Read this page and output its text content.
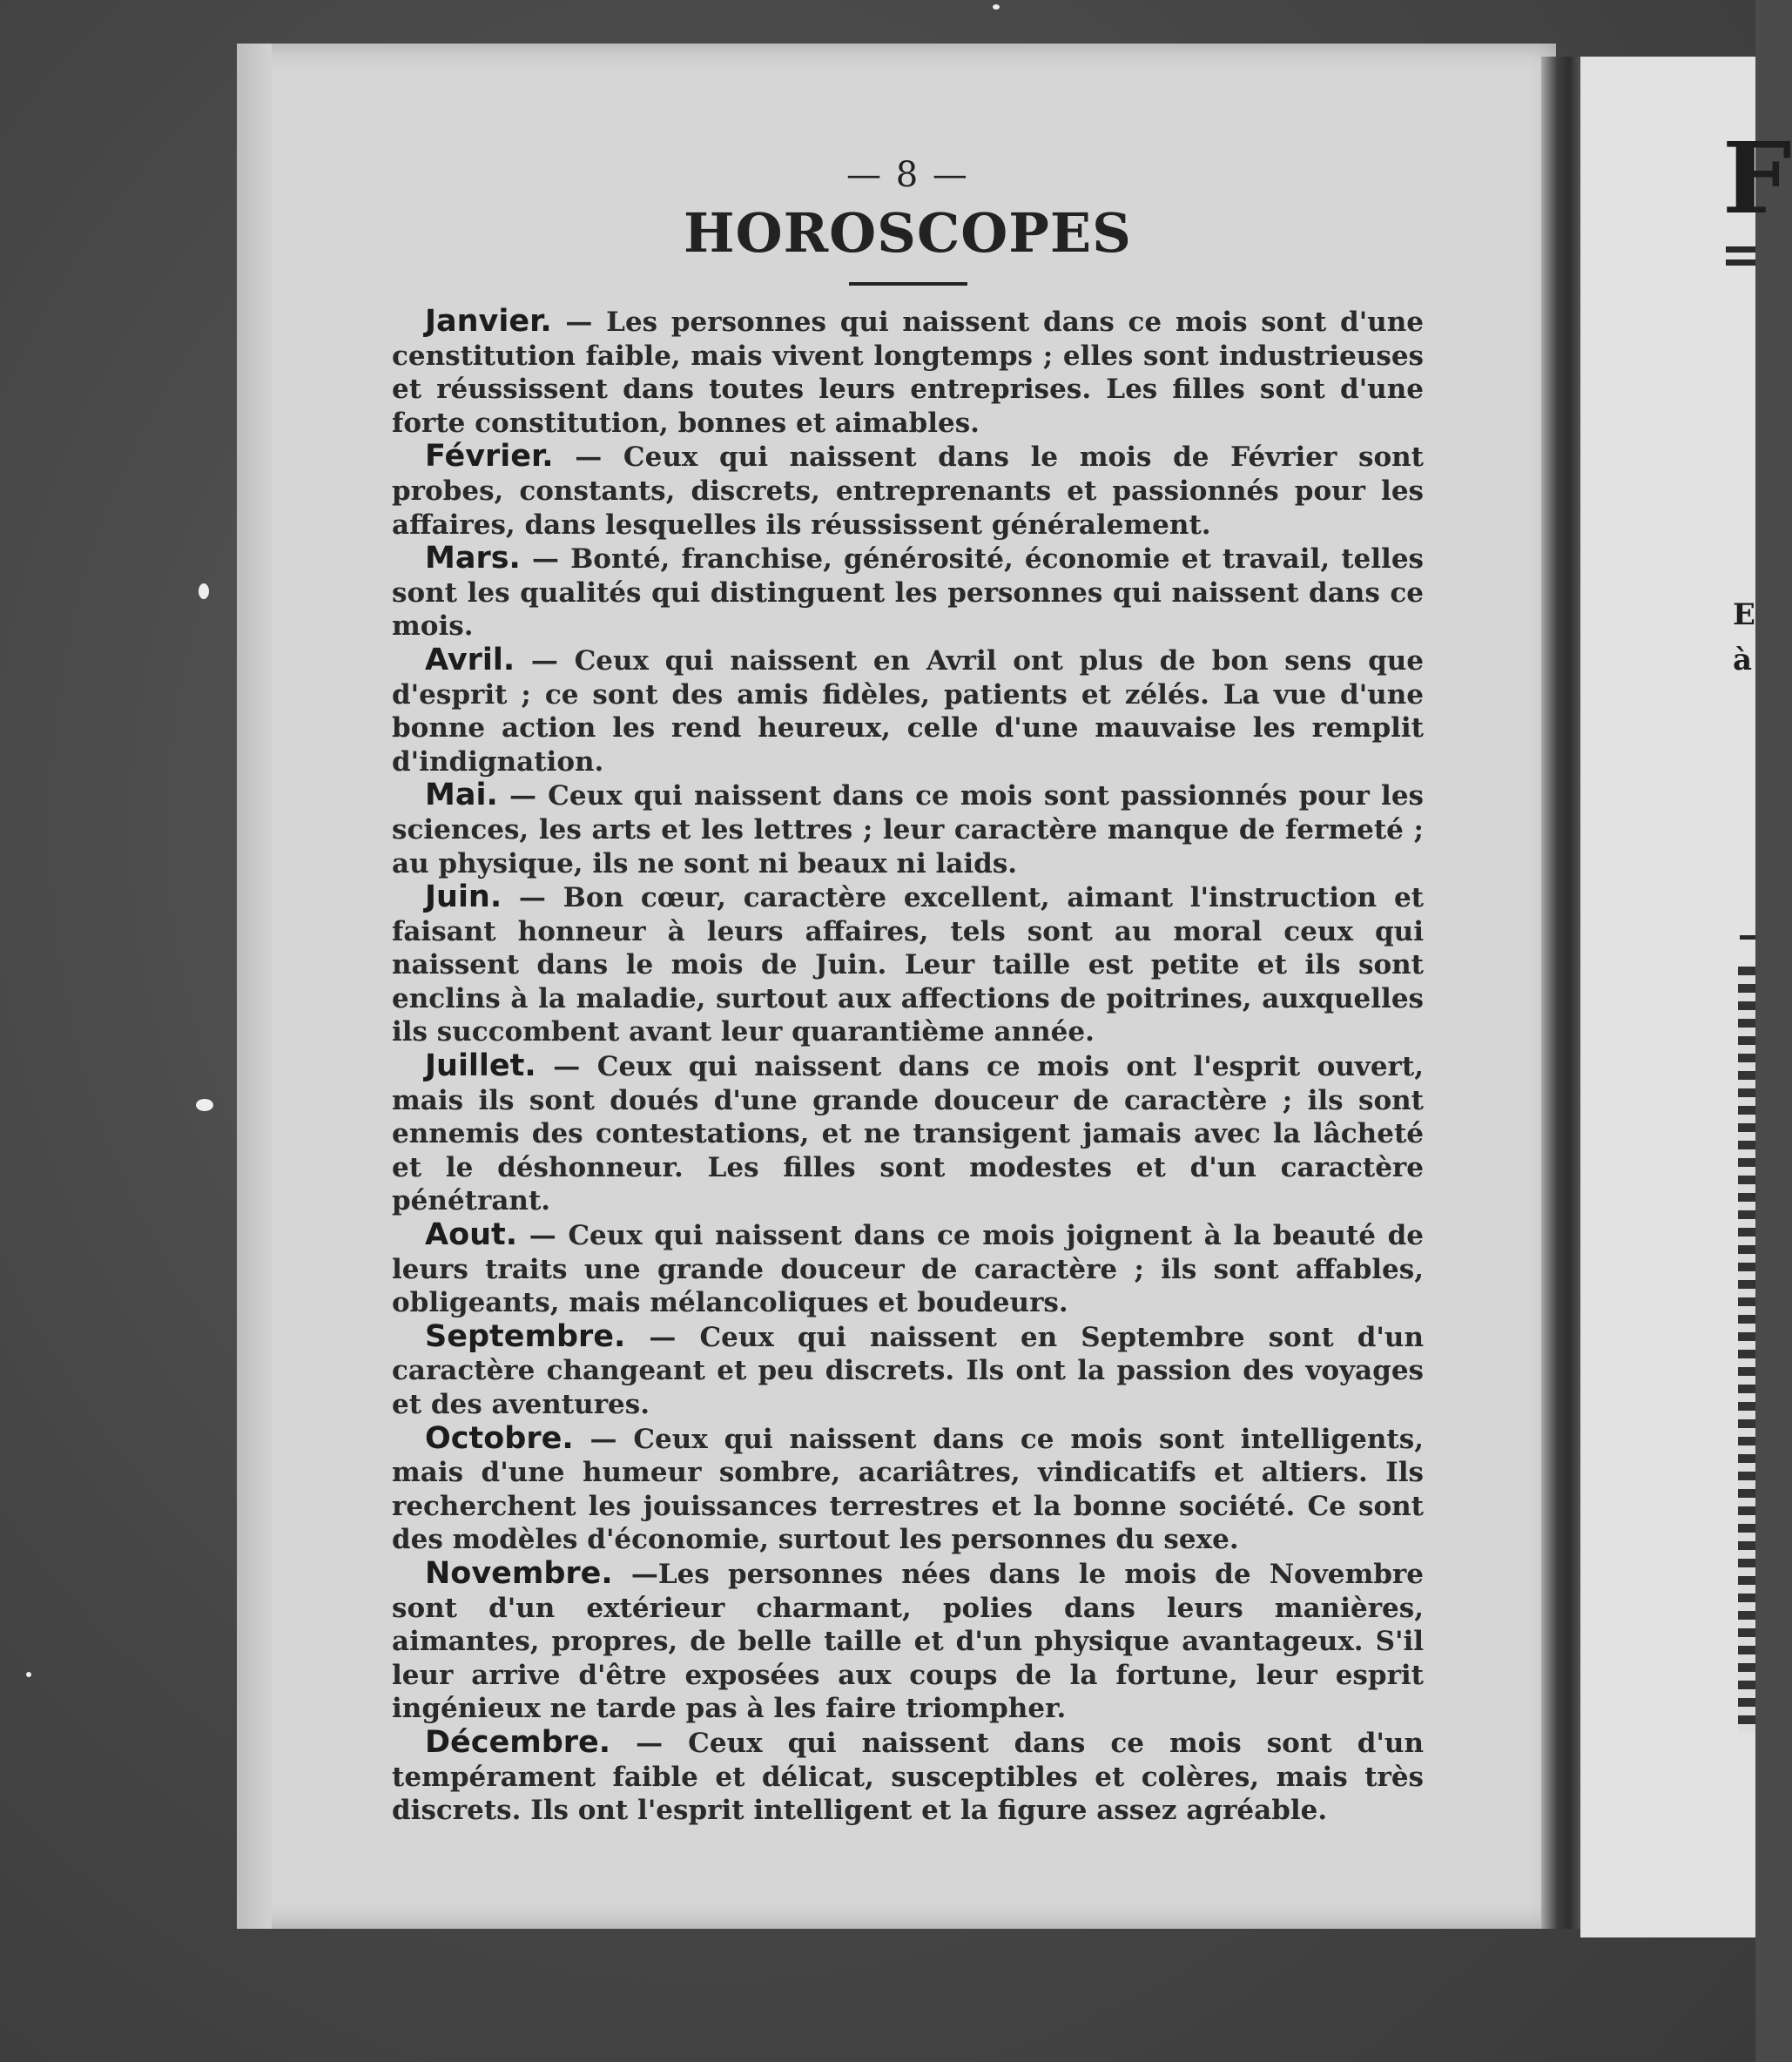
— 8 —
HOROSCOPES

Janvier. — Les personnes qui naissent dans ce mois sont d'une censtitution faible, mais vivent longtemps ; elles sont industrieuses et réussissent dans toutes leurs entreprises. Les filles sont d'une forte constitution, bonnes et aimables.

Février. — Ceux qui naissent dans le mois de Février sont probes, constants, discrets, entreprenants et passionnés pour les affaires, dans lesquelles ils réussissent généralement.

Mars. — Bonté, franchise, générosité, économie et travail, telles sont les qualités qui distinguent les personnes qui naissent dans ce mois.

Avril. — Ceux qui naissent en Avril ont plus de bon sens que d'esprit ; ce sont des amis fidèles, patients et zélés. La vue d'une bonne action les rend heureux, celle d'une mauvaise les remplit d'indignation.

Mai. — Ceux qui naissent dans ce mois sont passionnés pour les sciences, les arts et les lettres ; leur caractère manque de fermeté ; au physique, ils ne sont ni beaux ni laids.

Juin. — Bon cœur, caractère excellent, aimant l'instruction et faisant honneur à leurs affaires, tels sont au moral ceux qui naissent dans le mois de Juin. Leur taille est petite et ils sont enclins à la maladie, surtout aux affections de poitrines, auxquelles ils succombent avant leur quarantième année.

Juillet. — Ceux qui naissent dans ce mois ont l'esprit ouvert, mais ils sont doués d'une grande douceur de caractère ; ils sont ennemis des contestations, et ne transigent jamais avec la lâcheté et le déshonneur. Les filles sont modestes et d'un caractère pénétrant.

Aout. — Ceux qui naissent dans ce mois joignent à la beauté de leurs traits une grande douceur de caractère ; ils sont affables, obligeants, mais mélancoliques et boudeurs.

Septembre. — Ceux qui naissent en Septembre sont d'un caractère changeant et peu discrets. Ils ont la passion des voyages et des aventures.

Octobre. — Ceux qui naissent dans ce mois sont intelligents, mais d'une humeur sombre, acariâtres, vindicatifs et altiers. Ils recherchent les jouissances terrestres et la bonne société. Ce sont des modèles d'économie, surtout les personnes du sexe.

Novembre. —Les personnes nées dans le mois de Novembre sont d'un extérieur charmant, polies dans leurs manières, aimantes, propres, de belle taille et d'un physique avantageux. S'il leur arrive d'être exposées aux coups de la fortune, leur esprit ingénieux ne tarde pas à les faire triompher.

Décembre. — Ceux qui naissent dans ce mois sont d'un tempérament faible et délicat, susceptibles et colères, mais très discrets. Ils ont l'esprit intelligent et la figure assez agréable.

F
E
à
